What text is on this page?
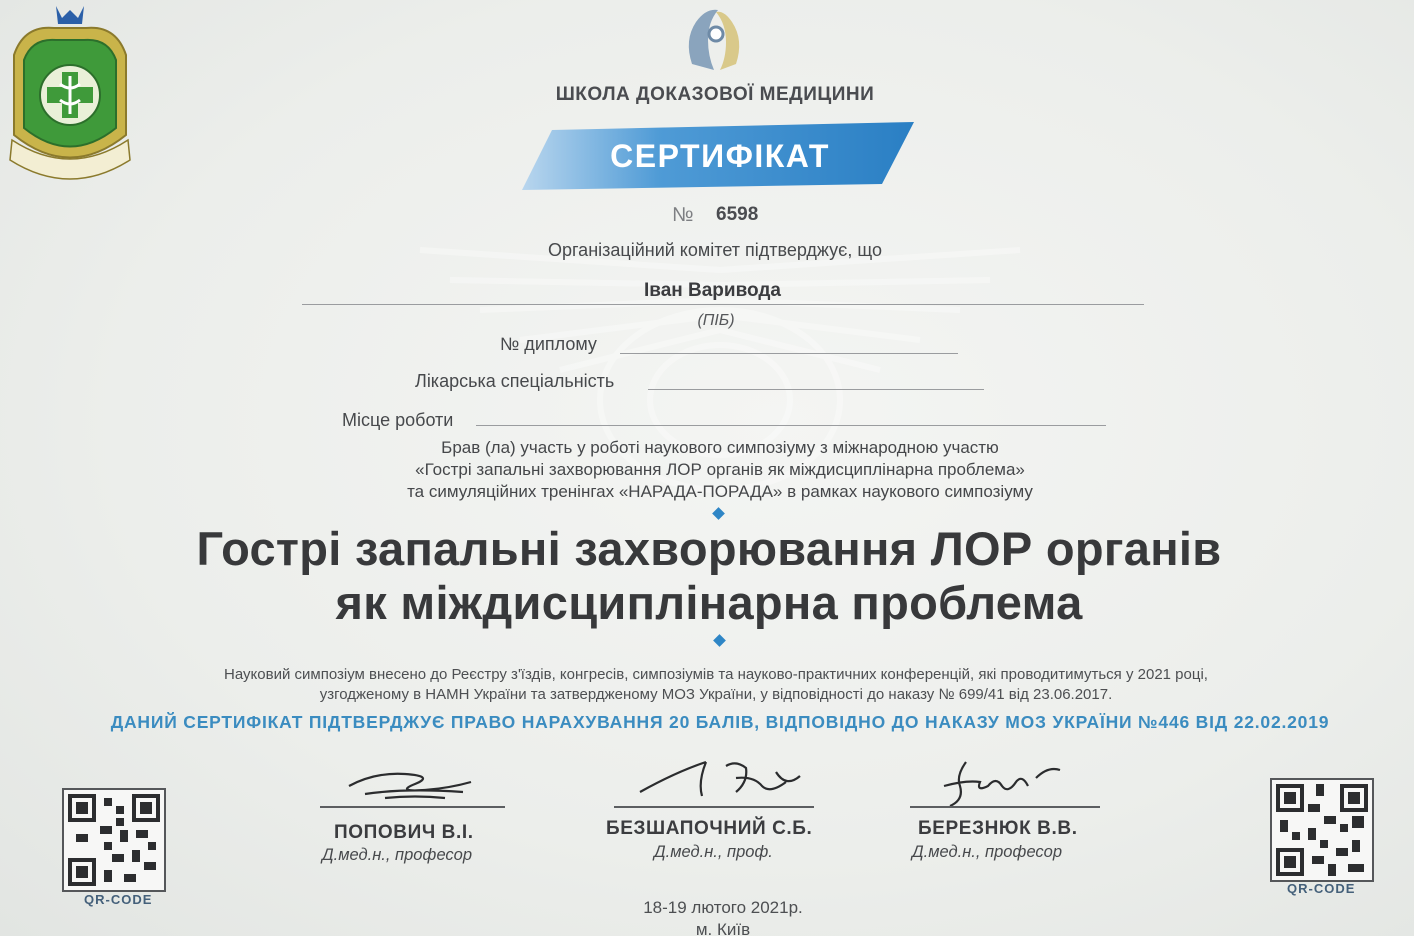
ШКОЛА ДОКАЗОВОЇ МЕДИЦИНИ
СЕРТИФІКАТ
№ 6598
Організаційний комітет підтверджує, що
Іван Варивода
(ПІБ)
№ диплому
Лікарська спеціальність
Місце роботи
Брав (ла) участь у роботі наукового симпозіуму з міжнародною участю
«Гострі запальні захворювання ЛОР органів як міждисциплінарна проблема»
та симуляційних тренінгах «НАРАДА-ПОРАДА» в рамках наукового симпозіуму
Гострі запальні захворювання ЛОР органів
як міждисциплінарна проблема
Науковий симпозіум внесено до Реєстру з'їздів, конгресів, симпозіумів та науково-практичних конференцій, які проводитимуться у 2021 році,
узгодженому в НАМН України та затвердженому МОЗ України, у відповідності до наказу № 699/41 від 23.06.2017.
ДАНИЙ СЕРТИФІКАТ ПІДТВЕРДЖУЄ ПРАВО НАРАХУВАННЯ 20 БАЛІВ, ВІДПОВІДНО ДО НАКАЗУ МОЗ УКРАЇНИ №446 ВІД 22.02.2019
QR-CODE
QR-CODE
ПОПОВИЧ В.І.
Д.мед.н., професор
БЕЗШАПОЧНИЙ С.Б.
Д.мед.н., проф.
БЕРЕЗНЮК В.В.
Д.мед.н., професор
18-19 лютого 2021р.
м. Київ
